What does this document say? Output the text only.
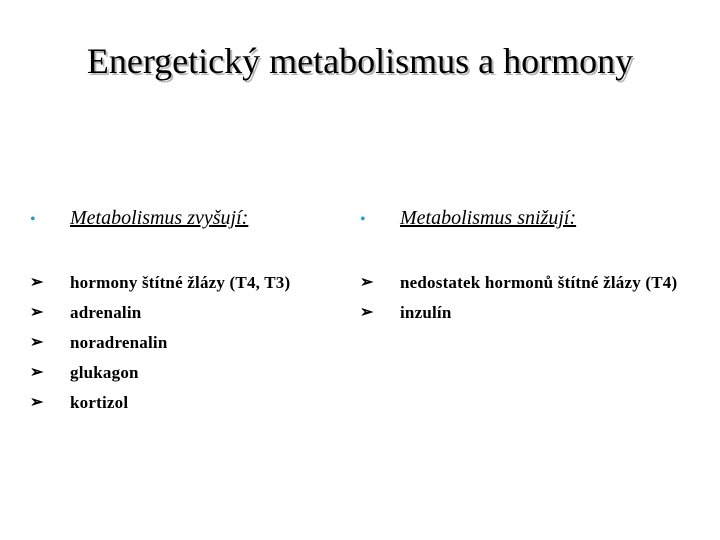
Energetický metabolismus a hormony
•	Metabolismus zvyšují:
➢	hormony štítné žlázy (T4, T3)
➢	adrenalin
➢	noradrenalin
➢	glukagon
➢	kortizol
•	Metabolismus snižují:
➢	nedostatek hormonů štítné žlázy (T4)
➢	inzulín
